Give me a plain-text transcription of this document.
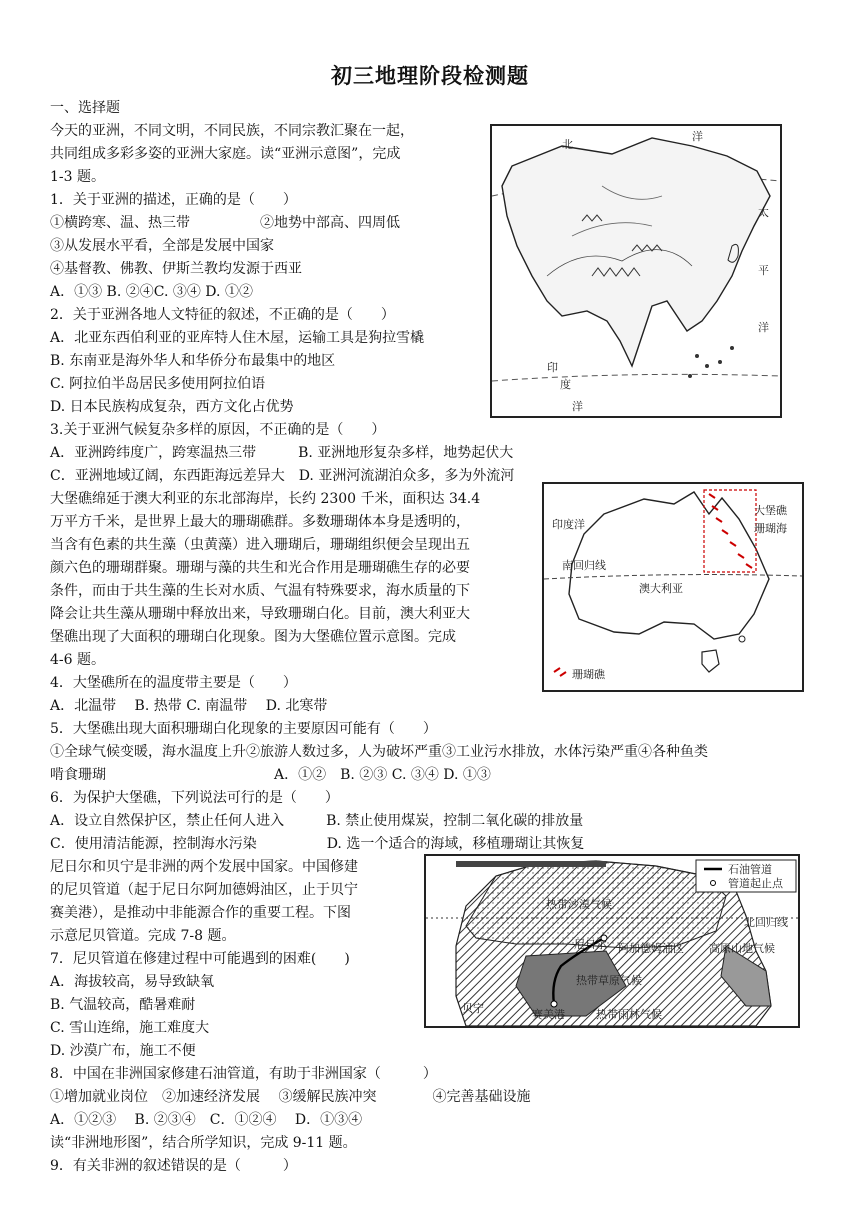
初三地理阶段检测题
一、选择题
今天的亚洲，不同文明，不同民族，不同宗教汇聚在一起，
共同组成多彩多姿的亚洲大家庭。读“亚洲示意图”，完成
1-3 题。
1．关于亚洲的描述，正确的是（　　）
①横跨寒、温、热三带　　　　　②地势中部高、四周低
③从发展水平看，全部是发展中国家
④基督教、佛教、伊斯兰教均发源于西亚
A．①③ B. ②④C. ③④ D. ①②
2．关于亚洲各地人文特征的叙述，不正确的是（　　）
A．北亚东西伯利亚的亚库特人住木屋，运输工具是狗拉雪橇
B. 东南亚是海外华人和华侨分布最集中的地区
C. 阿拉伯半岛居民多使用阿拉伯语
D. 日本民族构成复杂，西方文化占优势
3.关于亚洲气候复杂多样的原因，不正确的是（　　）
A．亚洲跨纬度广，跨寒温热三带　　　B. 亚洲地形复杂多样，地势起伏大
C．亚洲地域辽阔，东西距海远差异大　D. 亚洲河流湖泊众多，多为外流河
大堡礁绵延于澳大利亚的东北部海岸，长约 2300 千米，面积达 34.4
万平方千米，是世界上最大的珊瑚礁群。多数珊瑚体本身是透明的，
当含有色素的共生藻（虫黄藻）进入珊瑚后，珊瑚组织便会呈现出五
颜六色的珊瑚群聚。珊瑚与藻的共生和光合作用是珊瑚礁生存的必要
条件，而由于共生藻的生长对水质、气温有特殊要求，海水质量的下
降会让共生藻从珊瑚中释放出来，导致珊瑚白化。目前，澳大利亚大
堡礁出现了大面积的珊瑚白化现象。图为大堡礁位置示意图。完成
4-6 题。
4．大堡礁所在的温度带主要是（　　）
A．北温带　 B. 热带 C. 南温带　 D. 北寒带
5．大堡礁出现大面积珊瑚白化现象的主要原因可能有（　　）
①全球气候变暖，海水温度上升②旅游人数过多，人为破坏严重③工业污水排放，水体污染严重④各种鱼类
啃食珊瑚　　　　　　　　　　　　A．①②　B. ②③ C. ③④ D. ①③
6．为保护大堡礁，下列说法可行的是（　　）
A．设立自然保护区，禁止任何人进入　　　B. 禁止使用煤炭，控制二氧化碳的排放量
C．使用清洁能源，控制海水污染　　　　　D. 选一个适合的海域，移植珊瑚让其恢复
尼日尔和贝宁是非洲的两个发展中国家。中国修建
的尼贝管道（起于尼日尔阿加德姆油区，止于贝宁
赛美港），是推动中非能源合作的重要工程。下图
示意尼贝管道。完成 7-8 题。
7．尼贝管道在修建过程中可能遇到的困难(　　)
A．海拔较高，易导致缺氧
B. 气温较高，酷暑难耐
C. 雪山连绵，施工难度大
D. 沙漠广布，施工不便
8．中国在非洲国家修建石油管道，有助于非洲国家（　　　）
①增加就业岗位　②加速经济发展　 ③缓解民族冲突　　　　④完善基础设施
A．①②③　 B. ②③④　C．①②④　 D．①③④
读“非洲地形图”，结合所学知识，完成 9-11 题。
9．有关非洲的叙述错误的是（　　　）
北
洋
太
平
洋
印
度
洋
印度洋
大堡礁
珊瑚海
南回归线
澳大利亚
珊瑚礁
石油管道
管道起止点
热带沙漠气候
北回归线
尼日尔 阿加德姆油区 高原山地气候
热带草原气候
贝宁	赛美港	热带雨林气候
